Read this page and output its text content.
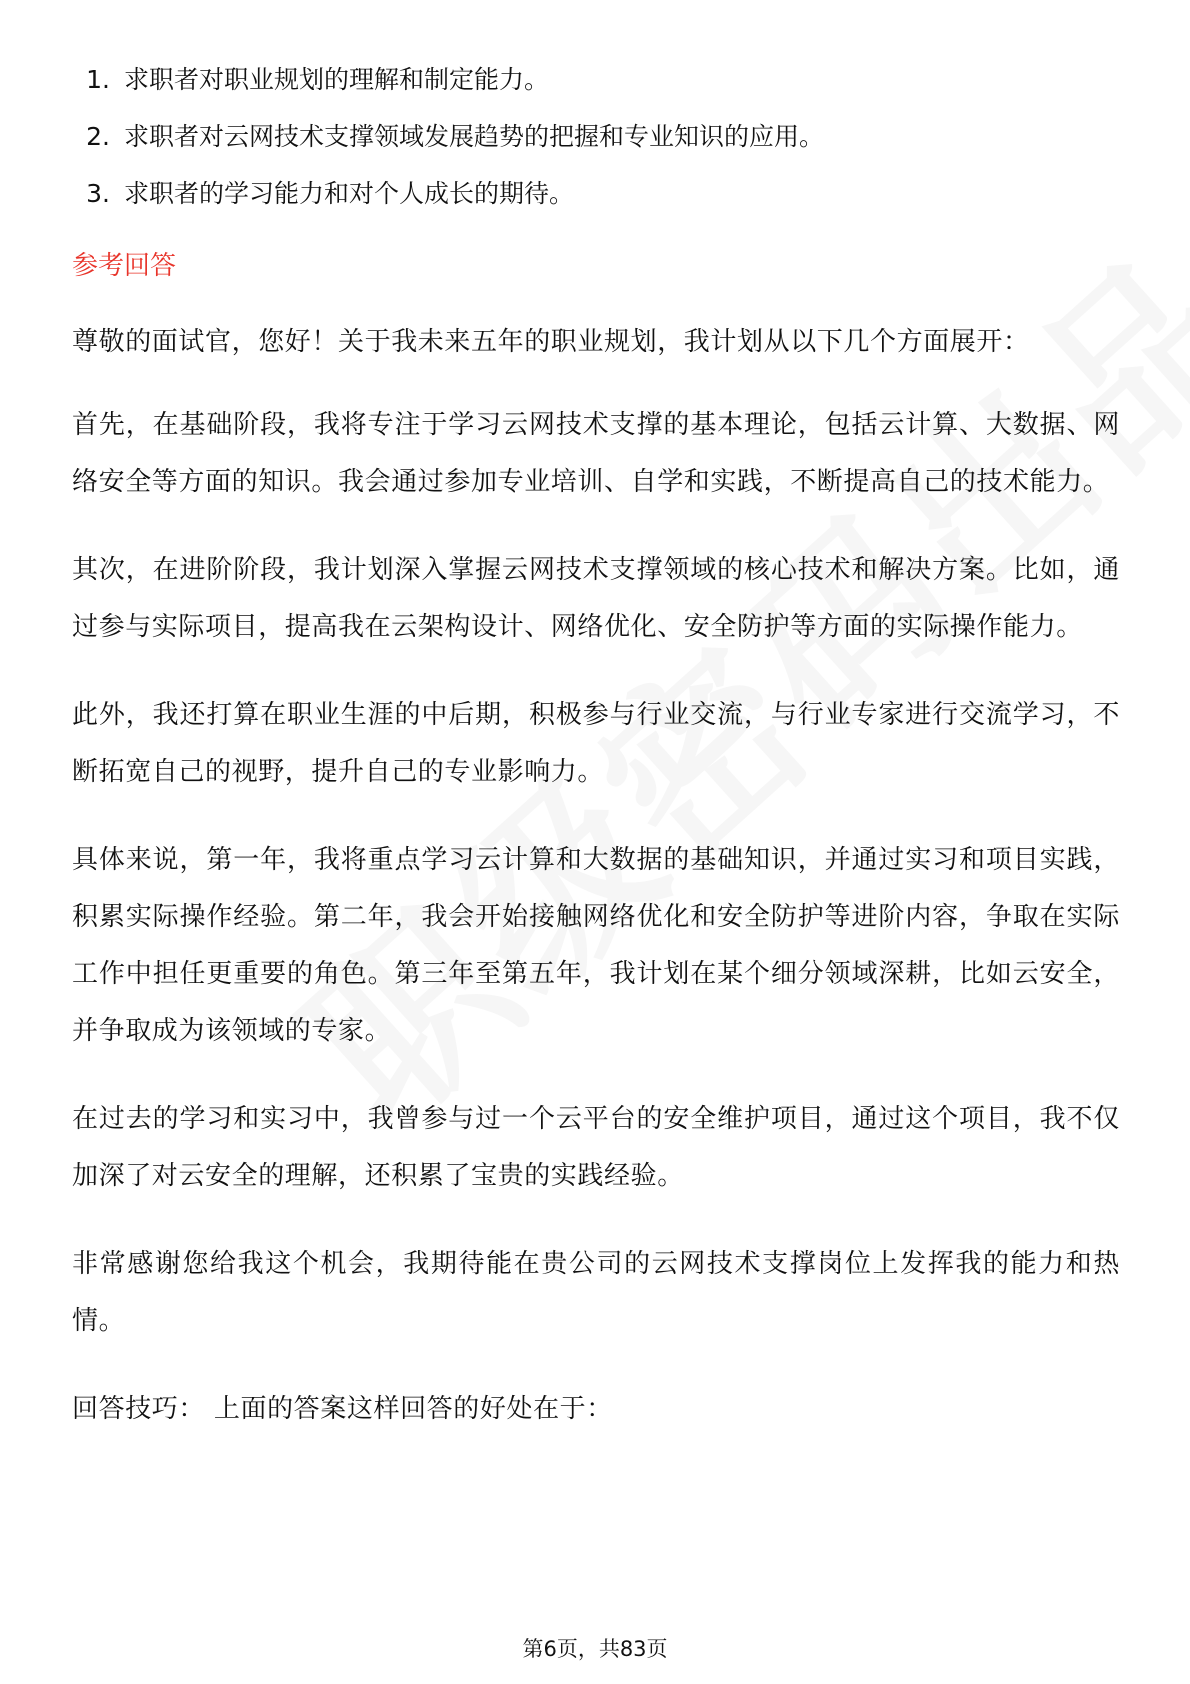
1. 求职者对职业规划的理解和制定能力。
2. 求职者对云网技术支撑领域发展趋势的把握和专业知识的应用。
3. 求职者的学习能力和对个人成长的期待。
参考回答

尊敬的面试官，您好！关于我未来五年的职业规划，我计划从以下几个方面展开：

首先，在基础阶段，我将专注于学习云网技术支撑的基本理论，包括云计算、大数据、网络安全等方面的知识。我会通过参加专业培训、自学和实践，不断提高自己的技术能力。

其次，在进阶阶段，我计划深入掌握云网技术支撑领域的核心技术和解决方案。比如，通过参与实际项目，提高我在云架构设计、网络优化、安全防护等方面的实际操作能力。

此外，我还打算在职业生涯的中后期，积极参与行业交流，与行业专家进行交流学习，不断拓宽自己的视野，提升自己的专业影响力。

具体来说，第一年，我将重点学习云计算和大数据的基础知识，并通过实习和项目实践，积累实际操作经验。第二年，我会开始接触网络优化和安全防护等进阶内容，争取在实际工作中担任更重要的角色。第三年至第五年，我计划在某个细分领域深耕，比如云安全，并争取成为该领域的专家。

在过去的学习和实习中，我曾参与过一个云平台的安全维护项目，通过这个项目，我不仅加深了对云安全的理解，还积累了宝贵的实践经验。

非常感谢您给我这个机会，我期待能在贵公司的云网技术支撑岗位上发挥我的能力和热情。

回答技巧： 上面的答案这样回答的好处在于：

第6页，共83页
